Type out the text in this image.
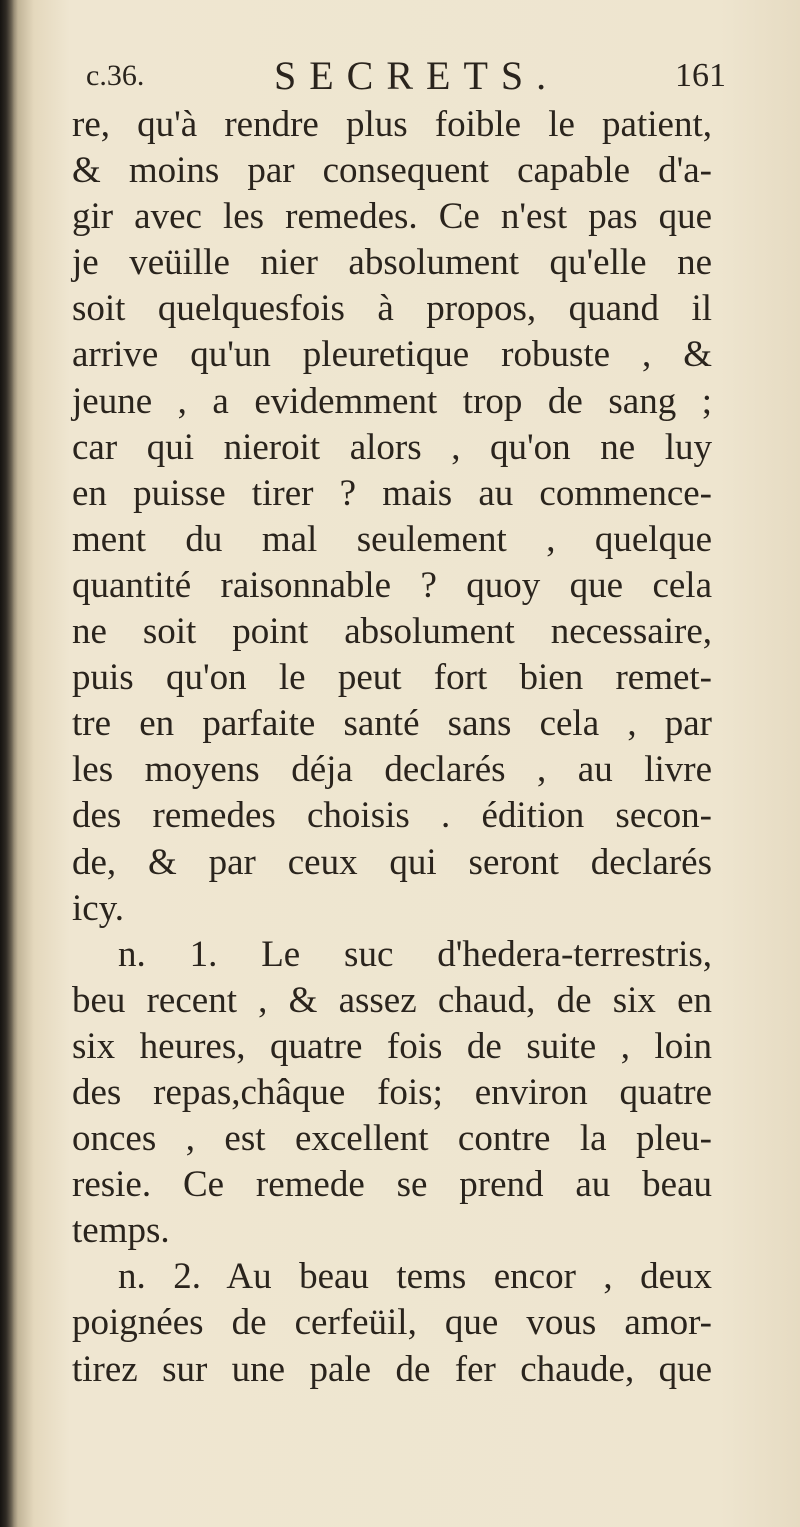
c.36.	SECRETS.	161
re, qu'à rendre plus foible le patient,
& moins par consequent capable d'a-
gir avec les remedes. Ce n'est pas que
je veüille nier absolument qu'elle ne
soit quelquesfois à propos, quand il
arrive qu'un pleuretique robuste , &
jeune , a evidemment trop de sang ;
car qui nieroit alors , qu'on ne luy
en puisse tirer ? mais au commence-
ment du mal seulement , quelque
quantité raisonnable ? quoy que cela
ne soit point absolument necessaire,
puis qu'on le peut fort bien remet-
tre en parfaite santé sans cela , par
les moyens déja declarés , au livre
des remedes choisis . édition secon-
de, & par ceux qui seront declarés
icy.
n. 1. Le suc d'hedera-terrestris,
beu recent , & assez chaud, de six en
six heures, quatre fois de suite , loin
des repas,châque fois; environ quatre
onces , est excellent contre la pleu-
resie. Ce remede se prend au beau
temps.
n. 2. Au beau tems encor , deux
poignées de cerfeüil, que vous amor-
tirez sur une pale de fer chaude, que
